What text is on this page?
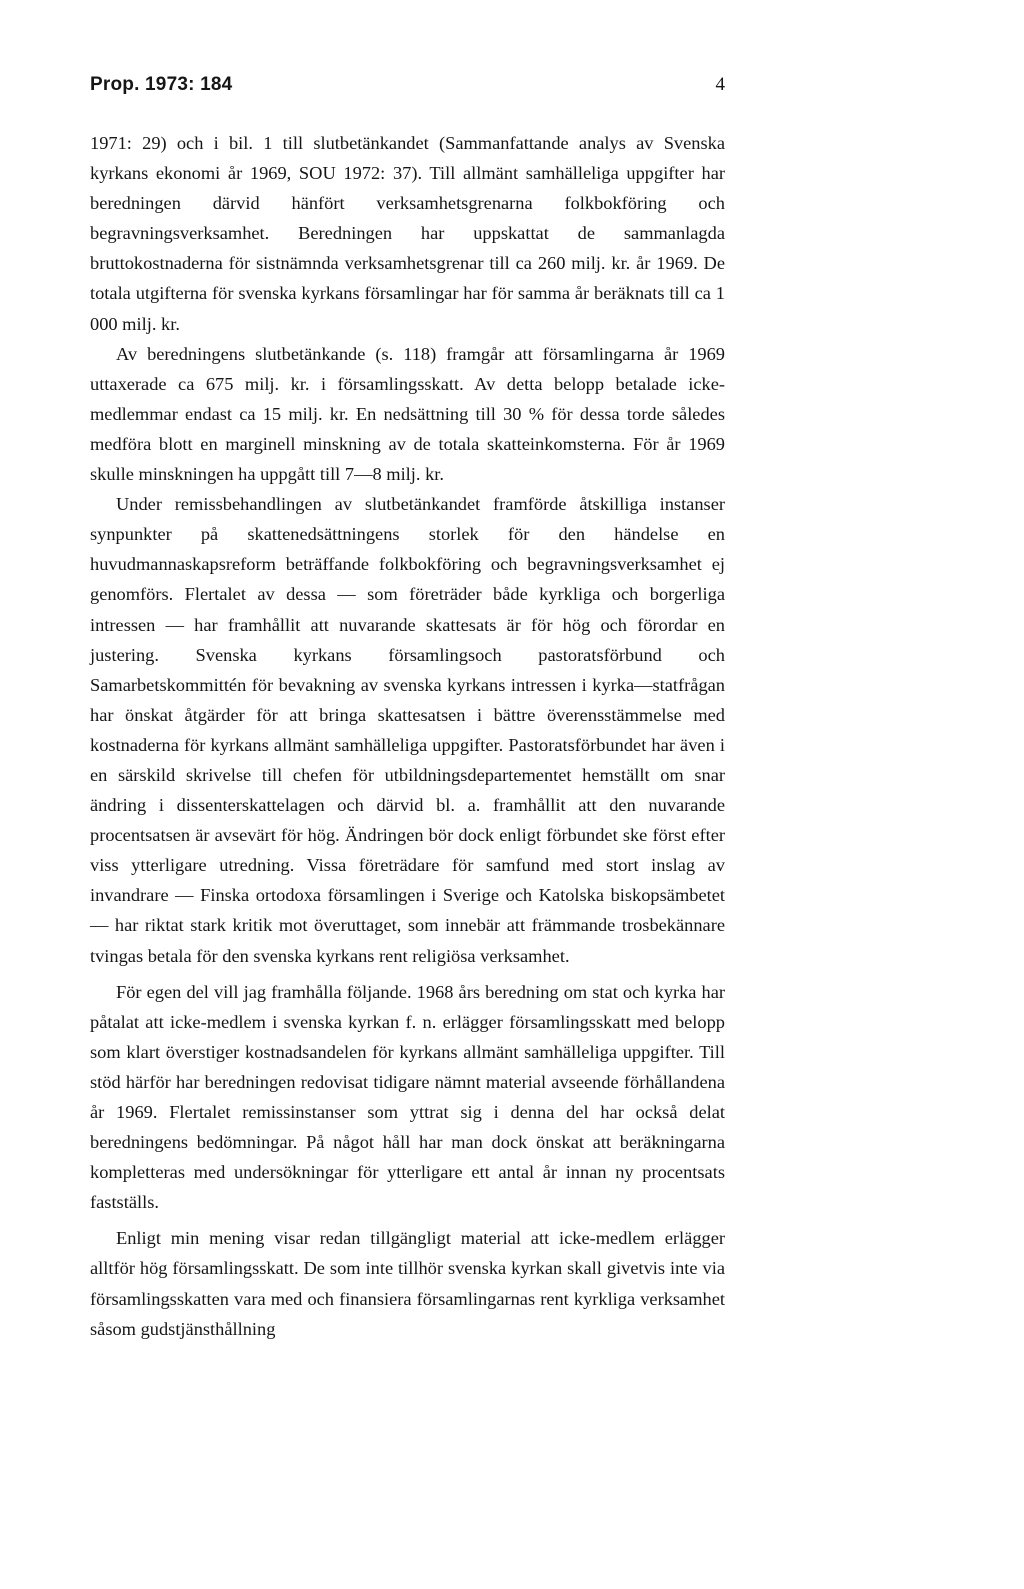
Prop. 1973: 184	4

1971: 29) och i bil. 1 till slutbetänkandet (Sammanfattande analys av Svenska kyrkans ekonomi år 1969, SOU 1972: 37). Till allmänt samhälleliga uppgifter har beredningen därvid hänfört verksamhetsgrenarna folkbokföring och begravningsverksamhet. Beredningen har uppskattat de sammanlagda bruttokostnaderna för sistnämnda verksamhetsgrenar till ca 260 milj. kr. år 1969. De totala utgifterna för svenska kyrkans församlingar har för samma år beräknats till ca 1 000 milj. kr.

Av beredningens slutbetänkande (s. 118) framgår att församlingarna år 1969 uttaxerade ca 675 milj. kr. i församlingsskatt. Av detta belopp betalade icke-medlemmar endast ca 15 milj. kr. En nedsättning till 30 % för dessa torde således medföra blott en marginell minskning av de totala skatteinkomsterna. För år 1969 skulle minskningen ha uppgått till 7—8 milj. kr.

Under remissbehandlingen av slutbetänkandet framförde åtskilliga instanser synpunkter på skattenedsättningens storlek för den händelse en huvudmannaskapsreform beträffande folkbokföring och begravningsverksamhet ej genomförs. Flertalet av dessa — som företräder både kyrkliga och borgerliga intressen — har framhållit att nuvarande skattesats är för hög och förordar en justering. Svenska kyrkans församlingsoch pastoratsförbund och Samarbetskommittén för bevakning av svenska kyrkans intressen i kyrka—statfrågan har önskat åtgärder för att bringa skattesatsen i bättre överensstämmelse med kostnaderna för kyrkans allmänt samhälleliga uppgifter. Pastoratsförbundet har även i en särskild skrivelse till chefen för utbildningsdepartementet hemställt om snar ändring i dissenterskattelagen och därvid bl. a. framhållit att den nuvarande procentsatsen är avsevärt för hög. Ändringen bör dock enligt förbundet ske först efter viss ytterligare utredning. Vissa företrädare för samfund med stort inslag av invandrare — Finska ortodoxa församlingen i Sverige och Katolska biskopsämbetet — har riktat stark kritik mot överuttaget, som innebär att främmande trosbekännare tvingas betala för den svenska kyrkans rent religiösa verksamhet.

För egen del vill jag framhålla följande. 1968 års beredning om stat och kyrka har påtalat att icke-medlem i svenska kyrkan f. n. erlägger församlingsskatt med belopp som klart överstiger kostnadsandelen för kyrkans allmänt samhälleliga uppgifter. Till stöd härför har beredningen redovisat tidigare nämnt material avseende förhållandena år 1969. Flertalet remissinstanser som yttrat sig i denna del har också delat beredningens bedömningar. På något håll har man dock önskat att beräkningarna kompletteras med undersökningar för ytterligare ett antal år innan ny procentsats fastställs.

Enligt min mening visar redan tillgängligt material att icke-medlem erlägger alltför hög församlingsskatt. De som inte tillhör svenska kyrkan skall givetvis inte via församlingsskatten vara med och finansiera församlingarnas rent kyrkliga verksamhet såsom gudstjänsthållning
